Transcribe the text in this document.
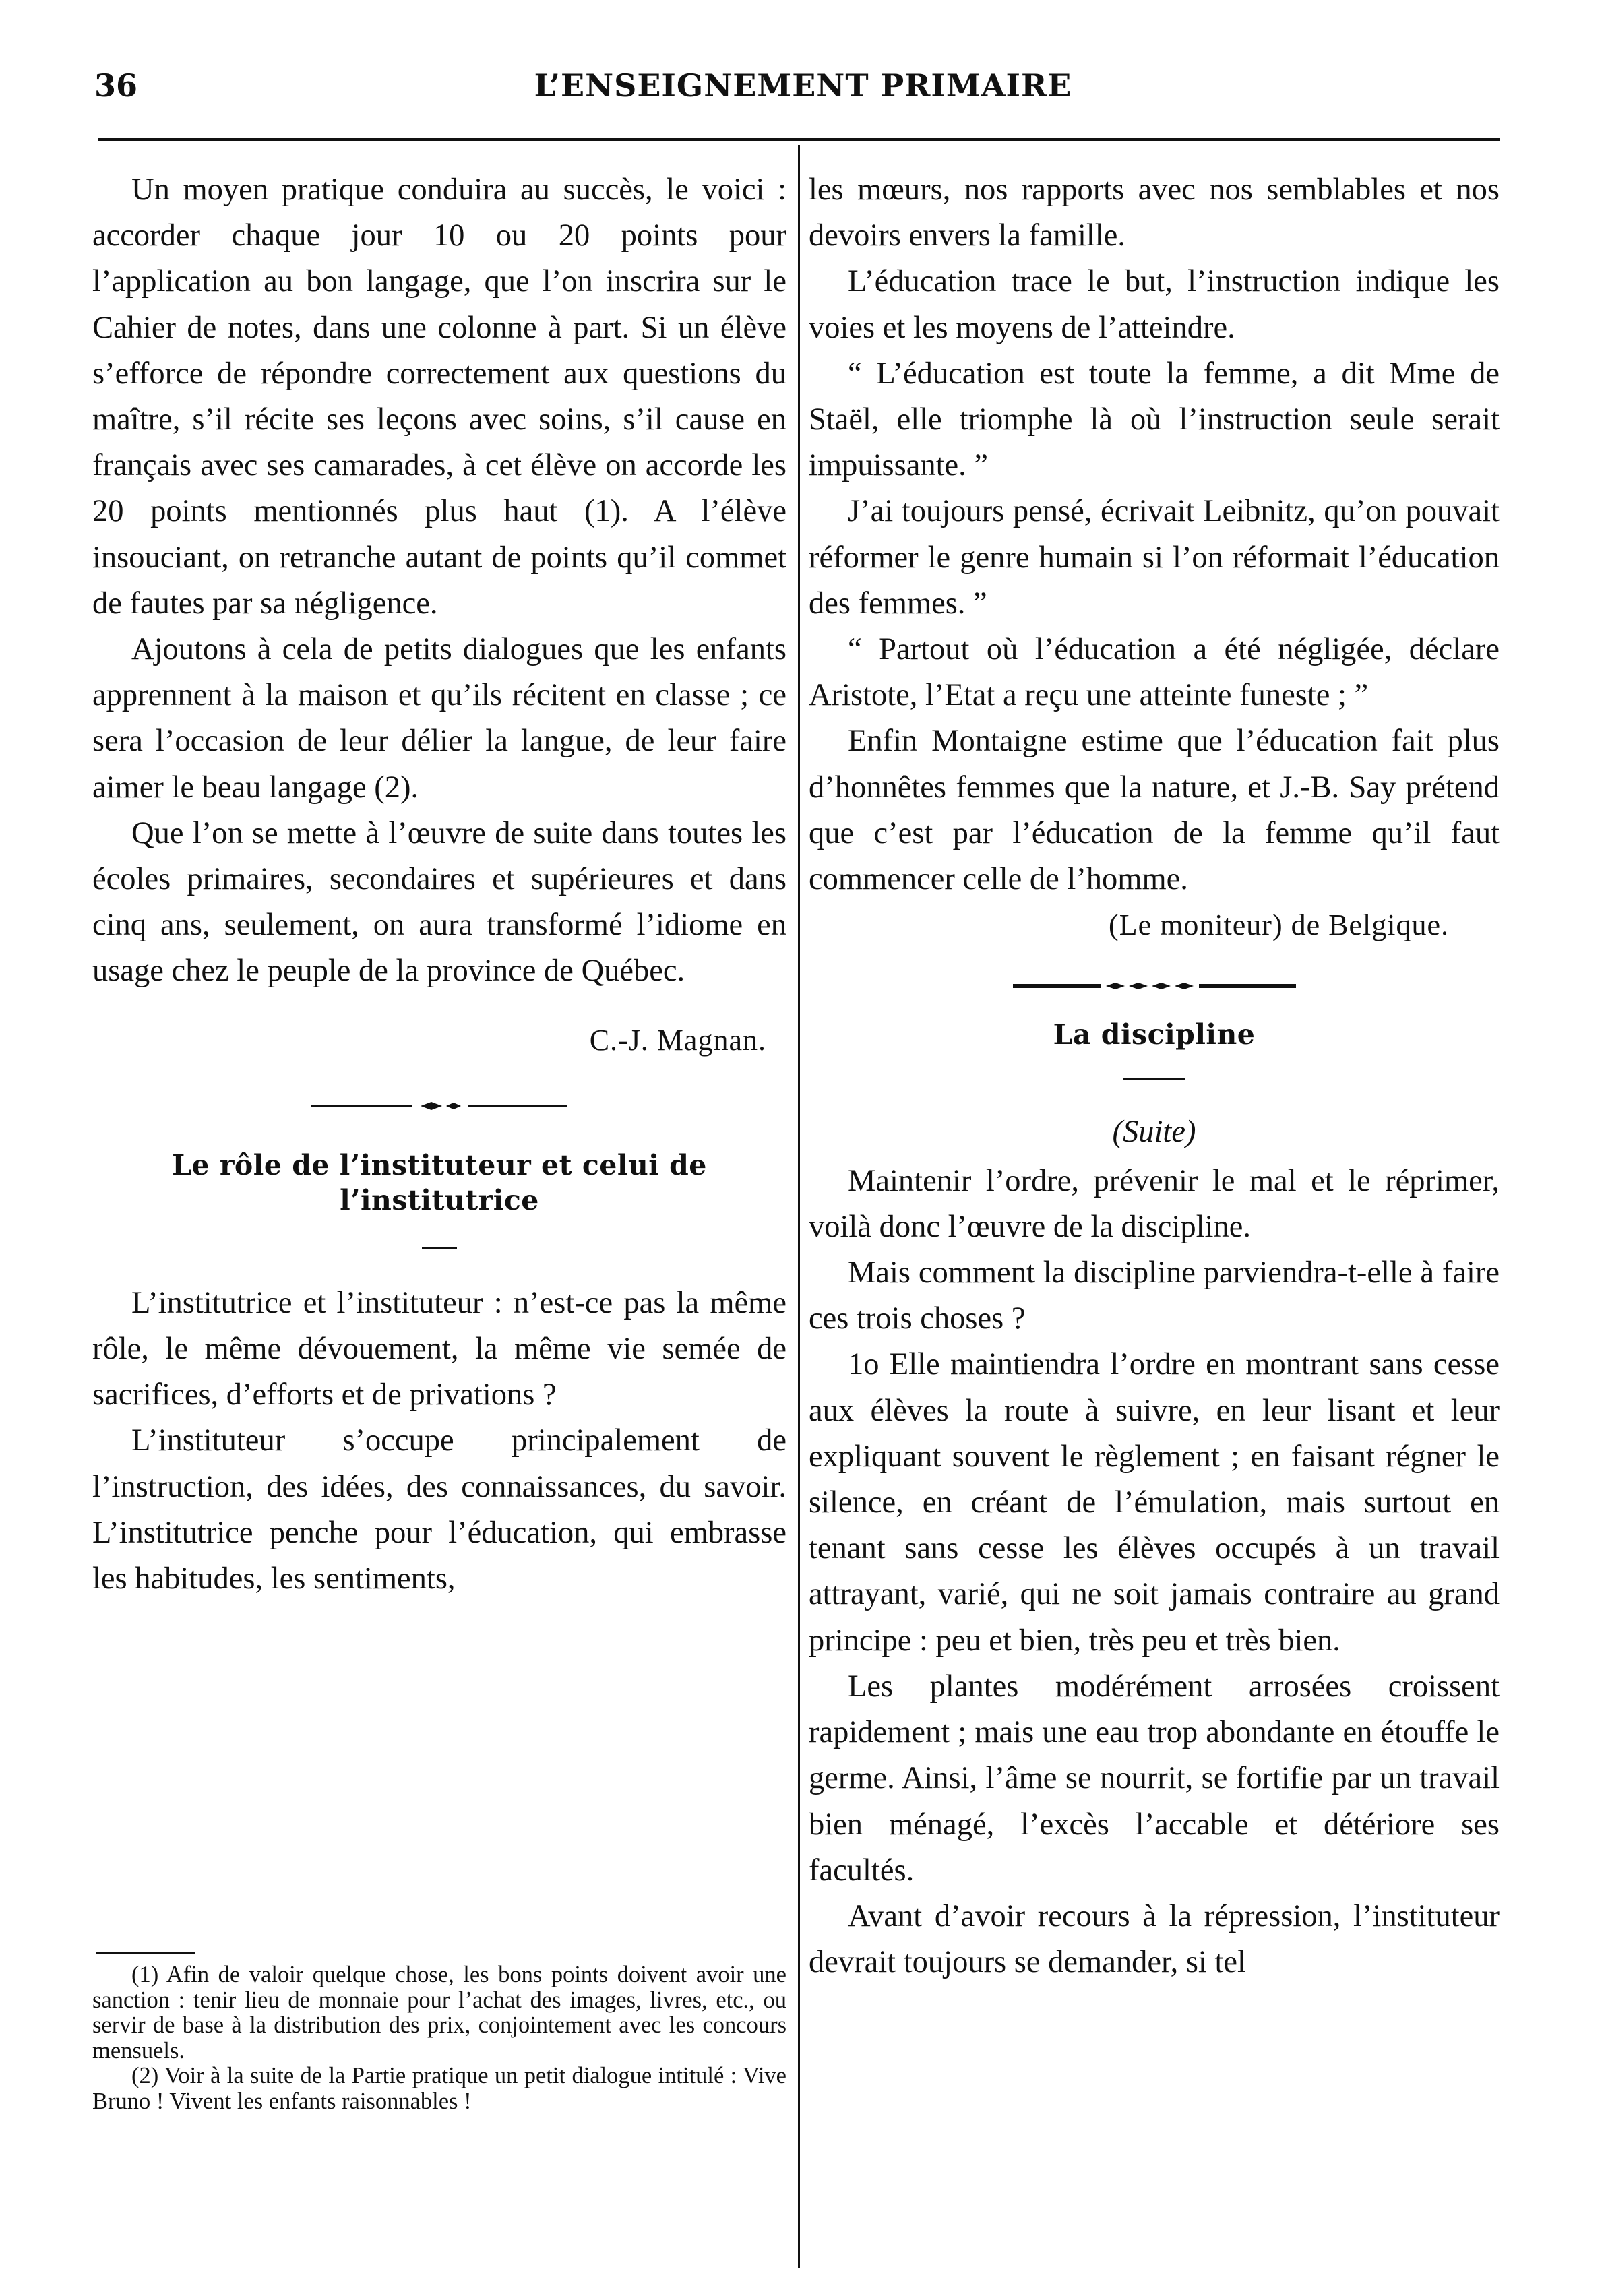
36	L’ENSEIGNEMENT PRIMAIRE

Un moyen pratique conduira au succès, le voici : accorder chaque jour 10 ou 20 points pour l’application au bon langage, que l’on inscrira sur le Cahier de notes, dans une colonne à part. Si un élève s’efforce de répondre correctement aux questions du maître, s’il récite ses leçons avec soins, s’il cause en français avec ses camarades, à cet élève on accorde les 20 points mentionnés plus haut (1). A l’élève insouciant, on retranche autant de points qu’il commet de fautes par sa négligence.

Ajoutons à cela de petits dialogues que les enfants apprennent à la maison et qu’ils récitent en classe ; ce sera l’occasion de leur délier la langue, de leur faire aimer le beau langage (2).

Que l’on se mette à l’œuvre de suite dans toutes les écoles primaires, secondaires et supérieures et dans cinq ans, seulement, on aura transformé l’idiome en usage chez le peuple de la province de Québec.

C.-J. Magnan.
Le rôle de l’instituteur et celui de l’institutrice

L’institutrice et l’instituteur : n’est-ce pas la même rôle, le même dévouement, la même vie semée de sacrifices, d’efforts et de privations ?

L’instituteur s’occupe principalement de l’instruction, des idées, des connaissances, du savoir. L’institutrice penche pour l’éducation, qui embrasse les habitudes, les sentiments,

(1) Afin de valoir quelque chose, les bons points doivent avoir une sanction : tenir lieu de monnaie pour l’achat des images, livres, etc., ou servir de base à la distribution des prix, conjointement avec les concours mensuels.

(2) Voir à la suite de la Partie pratique un petit dialogue intitulé : Vive Bruno ! Vivent les enfants raisonnables !

les mœurs, nos rapports avec nos semblables et nos devoirs envers la famille.

L’éducation trace le but, l’instruction indique les voies et les moyens de l’atteindre.

“ L’éducation est toute la femme, a dit Mme de Staël, elle triomphe là où l’instruction seule serait impuissante. ”

J’ai toujours pensé, écrivait Leibnitz, qu’on pouvait réformer le genre humain si l’on réformait l’éducation des femmes. ”

“ Partout où l’éducation a été négligée, déclare Aristote, l’Etat a reçu une atteinte funeste ; ”

Enfin Montaigne estime que l’éducation fait plus d’honnêtes femmes que la nature, et J.-B. Say prétend que c’est par l’éducation de la femme qu’il faut commencer celle de l’homme.

(Le moniteur) de Belgique.
La discipline
(Suite)

Maintenir l’ordre, prévenir le mal et le réprimer, voilà donc l’œuvre de la discipline.

Mais comment la discipline parviendra-t-elle à faire ces trois choses ?

1o Elle maintiendra l’ordre en montrant sans cesse aux élèves la route à suivre, en leur lisant et leur expliquant souvent le règlement ; en faisant régner le silence, en créant de l’émulation, mais surtout en tenant sans cesse les élèves occupés à un travail attrayant, varié, qui ne soit jamais contraire au grand principe : peu et bien, très peu et très bien.

Les plantes modérément arrosées croissent rapidement ; mais une eau trop abondante en étouffe le germe. Ainsi, l’âme se nourrit, se fortifie par un travail bien ménagé, l’excès l’accable et détériore ses facultés.

Avant d’avoir recours à la répression, l’instituteur devrait toujours se demander, si tel
